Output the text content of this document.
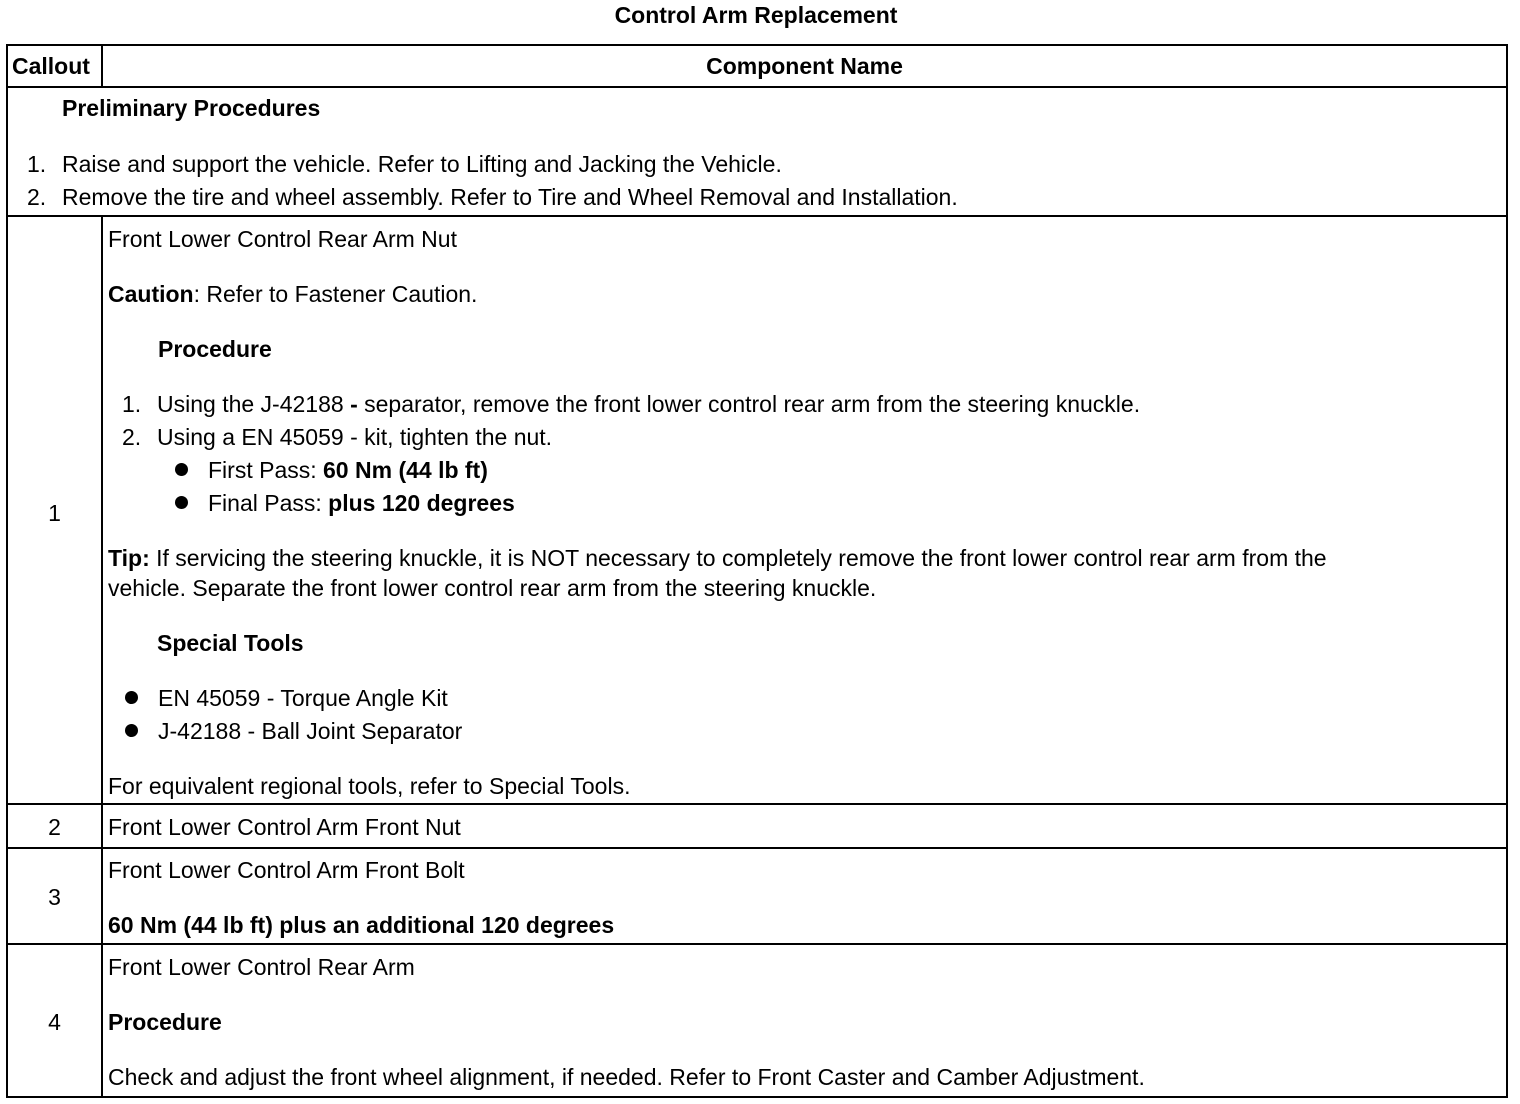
Control Arm Replacement
Callout	Component Name
Preliminary Procedures
1. Raise and support the vehicle. Refer to Lifting and Jacking the Vehicle.
2. Remove the tire and wheel assembly. Refer to Tire and Wheel Removal and Installation.
1
Front Lower Control Rear Arm Nut
Caution: Refer to Fastener Caution.
Procedure
1. Using the J-42188 - separator, remove the front lower control rear arm from the steering knuckle.
2. Using a EN 45059 - kit, tighten the nut.
First Pass: 60 Nm (44 lb ft)
Final Pass: plus 120 degrees
Tip: If servicing the steering knuckle, it is NOT necessary to completely remove the front lower control rear arm from the
vehicle. Separate the front lower control rear arm from the steering knuckle.
Special Tools
EN 45059 - Torque Angle Kit
J-42188 - Ball Joint Separator
For equivalent regional tools, refer to Special Tools.
2	Front Lower Control Arm Front Nut
3
Front Lower Control Arm Front Bolt
60 Nm (44 lb ft) plus an additional 120 degrees
4
Front Lower Control Rear Arm
Procedure
Check and adjust the front wheel alignment, if needed. Refer to Front Caster and Camber Adjustment.
